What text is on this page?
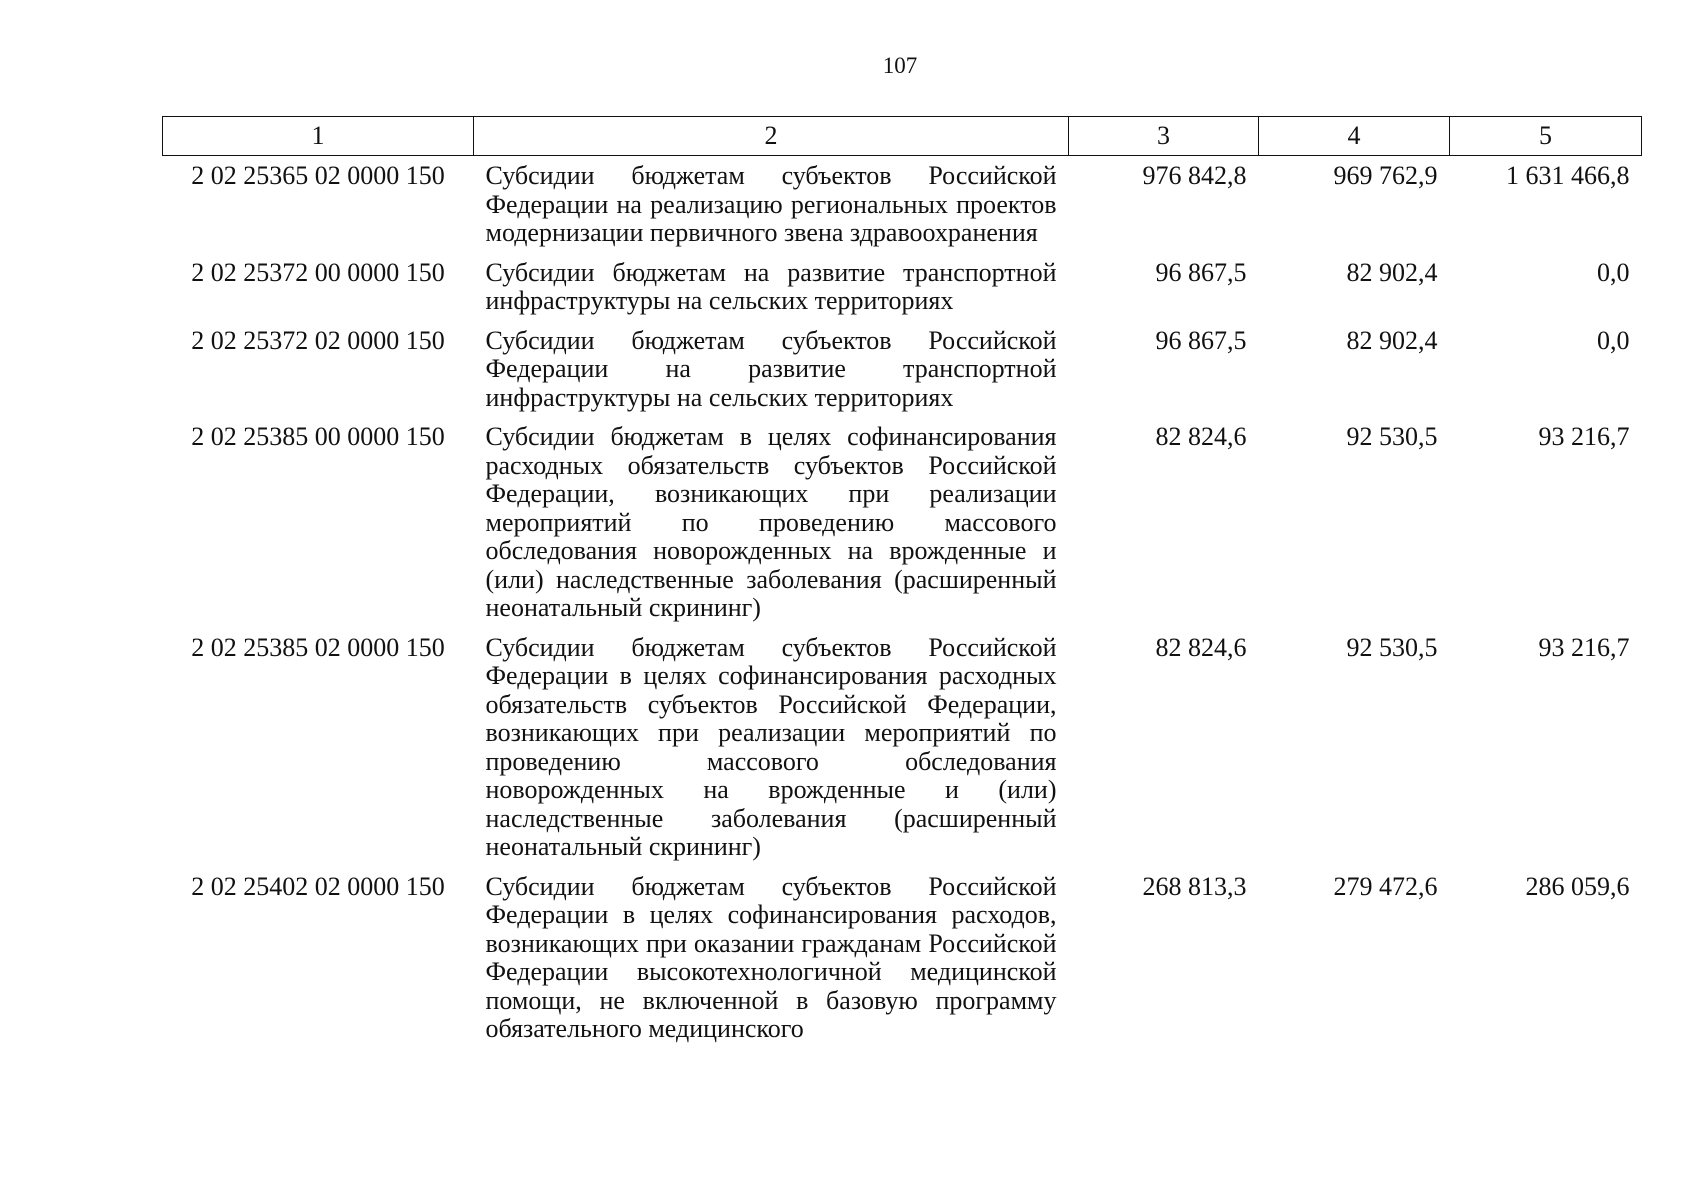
107
1	2	3	4	5
2 02 25365 02 0000 150	Субсидии бюджетам субъектов Российской Федерации на реализацию региональных проектов модернизации первичного звена здравоохранения	976 842,8	969 762,9	1 631 466,8
2 02 25372 00 0000 150	Субсидии бюджетам на развитие транспортной инфраструктуры на сельских территориях	96 867,5	82 902,4	0,0
2 02 25372 02 0000 150	Субсидии бюджетам субъектов Российской Федерации на развитие транспортной инфраструктуры на сельских территориях	96 867,5	82 902,4	0,0
2 02 25385 00 0000 150	Субсидии бюджетам в целях софинансирования расходных обязательств субъектов Российской Федерации, возникающих при реализации мероприятий по проведению массового обследования новорожденных на врожденные и (или) наследственные заболевания (расширенный неонатальный скрининг)	82 824,6	92 530,5	93 216,7
2 02 25385 02 0000 150	Субсидии бюджетам субъектов Российской Федерации в целях софинансирования расходных обязательств субъектов Российской Федерации, возникающих при реализации мероприятий по проведению массового обследования новорожденных на врожденные и (или) наследственные заболевания (расширенный неонатальный скрининг)	82 824,6	92 530,5	93 216,7
2 02 25402 02 0000 150	Субсидии бюджетам субъектов Российской Федерации в целях софинансирования расходов, возникающих при оказании гражданам Российской Федерации высокотехнологичной медицинской помощи, не включенной в базовую программу обязательного медицинского	268 813,3	279 472,6	286 059,6
